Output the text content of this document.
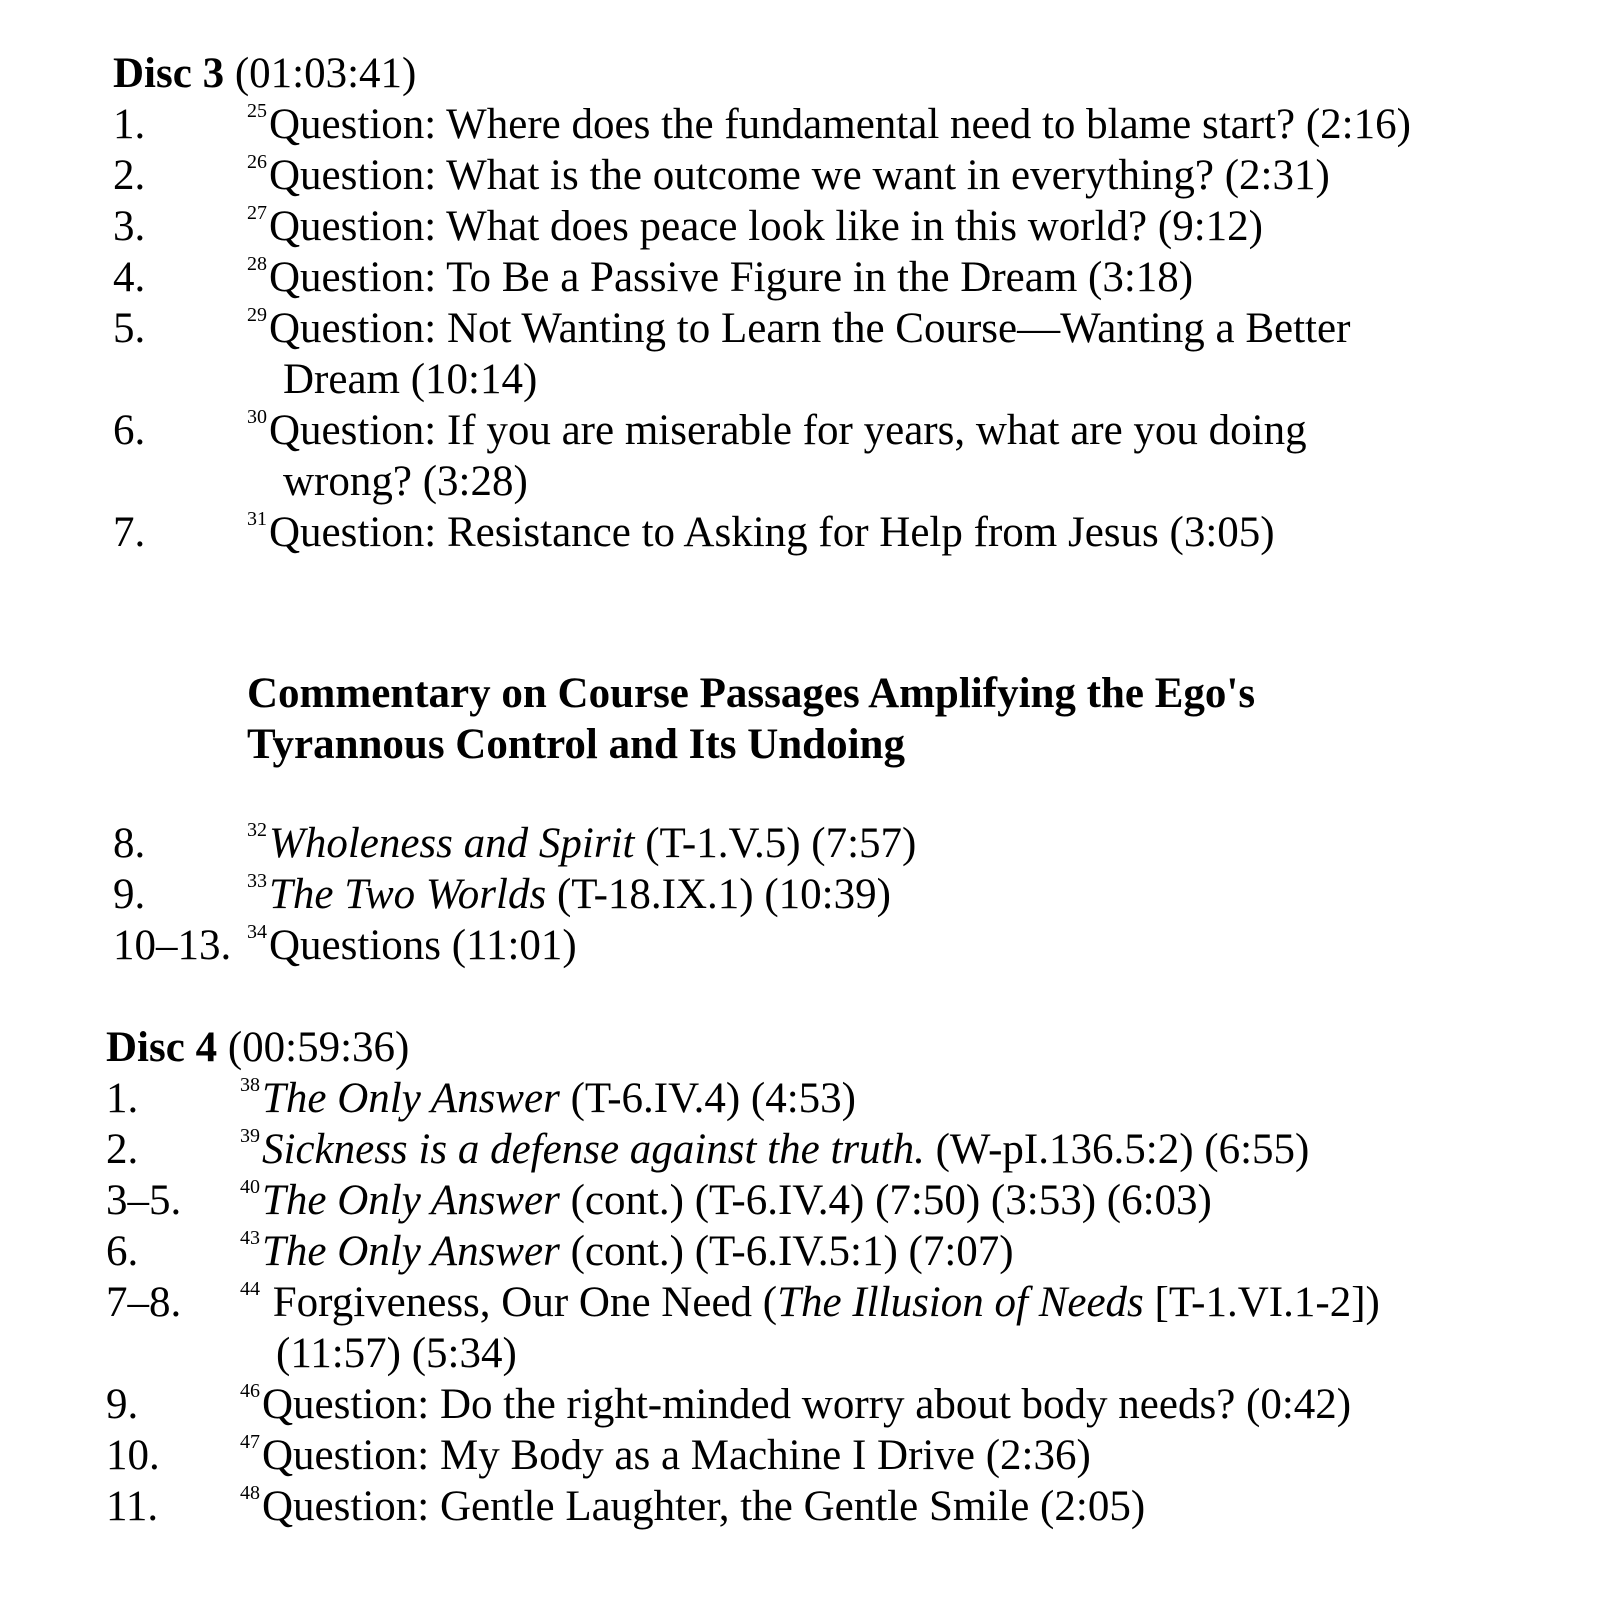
Disc 3 (01:03:41)
1.	$^{25}$Question: Where does the fundamental need to blame start? (2:16)
2.	$^{26}$Question: What is the outcome we want in everything? (2:31)
3.	$^{27}$Question: What does peace look like in this world? (9:12)
4.	$^{28}$Question: To Be a Passive Figure in the Dream (3:18)
5.	$^{29}$Question: Not Wanting to Learn the Course—Wanting a Better
Dream (10:14)
6.	$^{30}$Question: If you are miserable for years, what are you doing
wrong? (3:28)
7.	$^{31}$Question: Resistance to Asking for Help from Jesus (3:05)
Commentary on Course Passages Amplifying the Ego's
Tyrannous Control and Its Undoing
8.	$^{32}$Wholeness and Spirit (T-1.V.5) (7:57)
9.	$^{33}$The Two Worlds (T-18.IX.1) (10:39)
10–13. $^{34}$Questions (11:01)
Disc 4 (00:59:36)
1.	$^{38}$The Only Answer (T-6.IV.4) (4:53)
2.	$^{39}$Sickness is a defense against the truth. (W-pI.136.5:2) (6:55)
3–5.	$^{40}$The Only Answer (cont.) (T-6.IV.4) (7:50) (3:53) (6:03)
6.	$^{43}$The Only Answer (cont.) (T-6.IV.5:1) (7:07)
7–8.	$^{44}$ Forgiveness, Our One Need (The Illusion of Needs [T-1.VI.1-2])
(11:57) (5:34)
9.	$^{46}$Question: Do the right-minded worry about body needs? (0:42)
10.	$^{47}$Question: My Body as a Machine I Drive (2:36)
11.	$^{48}$Question: Gentle Laughter, the Gentle Smile (2:05)
